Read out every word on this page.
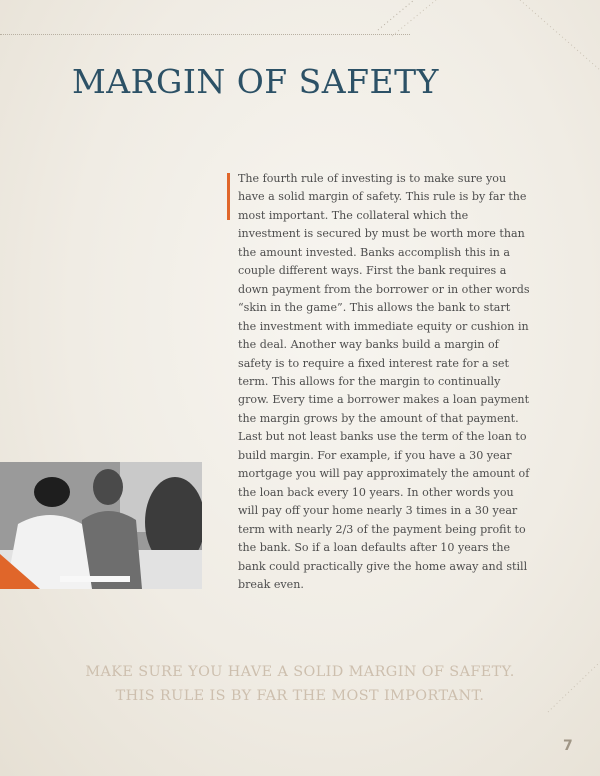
MARGIN OF SAFETY

The fourth rule of investing is to make sure you have a solid margin of safety. This rule is by far the most important. The collateral which the investment is secured by must be worth more than the amount invested. Banks accomplish this in a couple different ways. First the bank requires a down payment from the borrower or in other words “skin in the game”. This allows the bank to start the investment with immediate equity or cushion in the deal. Another way banks build a margin of safety is to require a fixed interest rate for a set term. This allows for the margin to continually grow. Every time a borrower makes a loan payment the margin grows by the amount of that payment. Last but not least banks use the term of the loan to build margin. For example, if you have a 30 year mortgage you will pay approximately the amount of the loan back every 10 years. In other words you will pay off your home nearly 3 times in a 30 year term with nearly 2/3 of the payment being profit to the bank. So if a loan defaults after 10 years the bank could practically give the home away and still break even.

MAKE SURE YOU HAVE A SOLID MARGIN OF SAFETY.
THIS RULE IS BY FAR THE MOST IMPORTANT.

7
